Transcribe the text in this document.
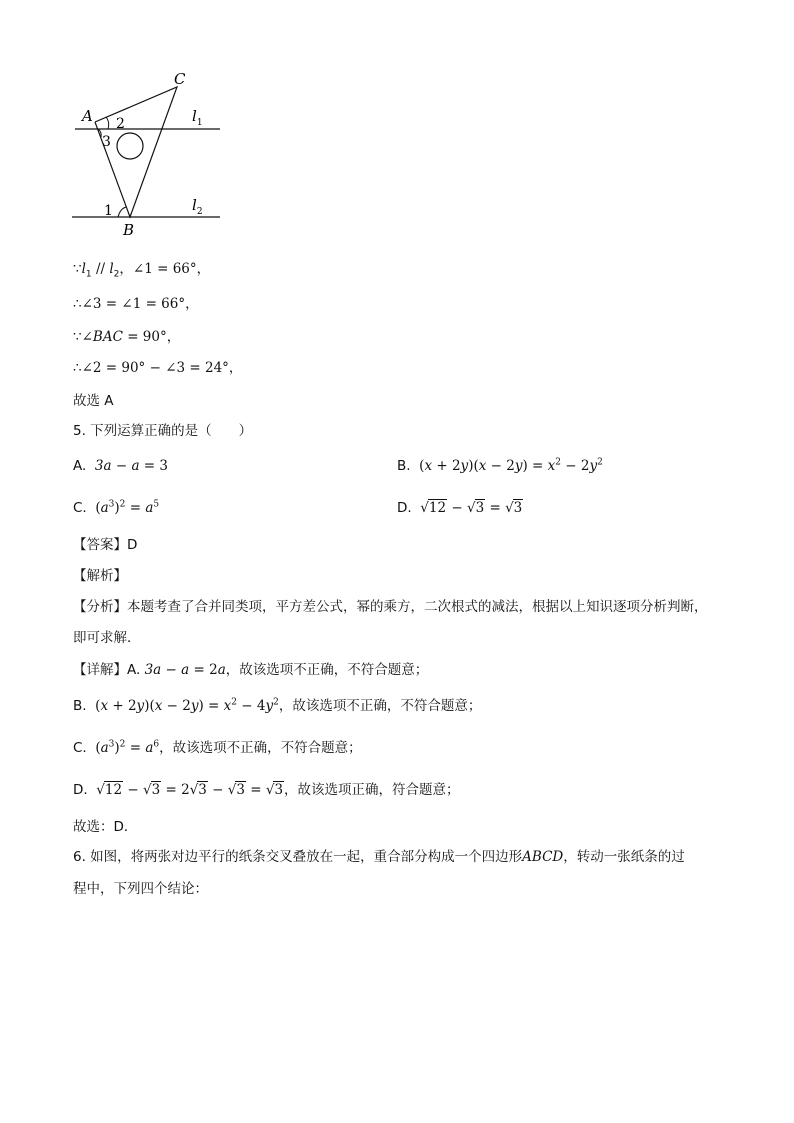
C
A
B
2
3
1
$l_1$
$l_2$
$\because l_1 // l_2$，∠1 = 66°，
∴∠3 = ∠1 = 66°，
∵∠BAC = 90°，
∴∠2 = 90° − ∠3 = 24°，
故选 A
5. 下列运算正确的是（　　）
A. 3a − a = 3	B. $(x + 2y)(x - 2y) = x^2 - 2y^2$
C. $(a^3)^2 = a^5$	D. √12 − √3 = √3
【答案】D
【解析】
【分析】本题考查了合并同类项，平方差公式，幂的乘方，二次根式的减法，根据以上知识逐项分析判断，
即可求解．
【详解】A. 3a − a = 2a，故该选项不正确，不符合题意；
B. $(x + 2y)(x - 2y) = x^2 - 4y^2$，故该选项不正确，不符合题意；
C. $(a^3)^2 = a^6$，故该选项不正确，不符合题意；
D. √12 − √3 = 2√3 − √3 = √3，故该选项正确，符合题意；
故选：D．
6. 如图，将两张对边平行的纸条交叉叠放在一起，重合部分构成一个四边形ABCD，转动一张纸条的过
程中，下列四个结论：
